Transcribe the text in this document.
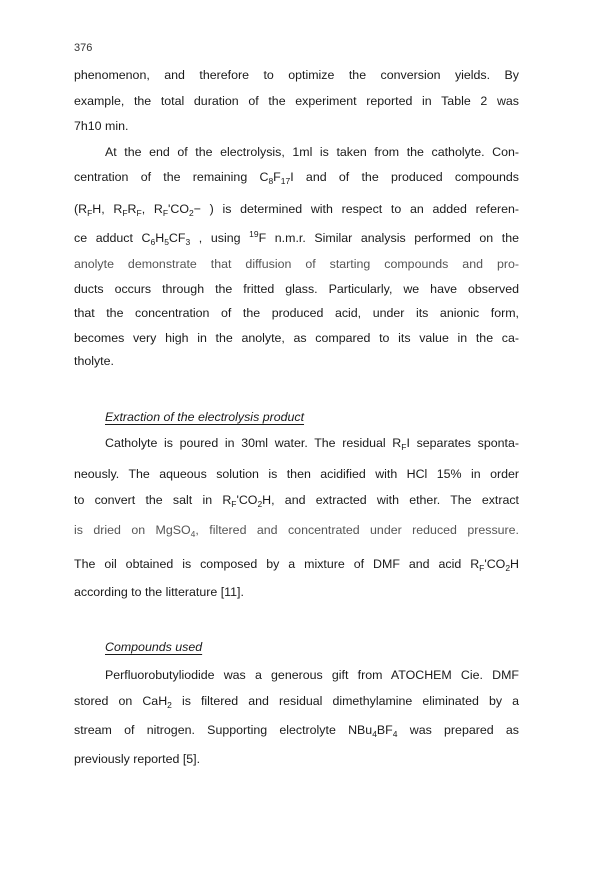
376
phenomenon, and therefore to optimize the conversion yields. By
example, the total duration of the experiment reported in Table 2 was
7h10 min.
At the end of the electrolysis, 1ml is taken from the catholyte. Con-
centration of the remaining $C_8F_{17}I$ and of the produced compounds
($R_FH$, $R_FR_F$, $R_F'CO_2-$ ) is determined with respect to an added referen-
ce adduct $C_6H_5CF_3$ , using $^{19}$F n.m.r. Similar analysis performed on the
anolyte demonstrate that diffusion of starting compounds and pro-
ducts occurs through the fritted glass. Particularly, we have observed
that the concentration of the produced acid, under its anionic form,
becomes very high in the anolyte, as compared to its value in the ca-
tholyte.
Extraction of the electrolysis product
Catholyte is poured in 30ml water. The residual $R_FI$ separates sponta-
neously. The aqueous solution is then acidified with HCl 15% in order
to convert the salt in $R_F'CO_2H$, and extracted with ether. The extract
is dried on MgSO$_4$, filtered and concentrated under reduced pressure.
The oil obtained is composed by a mixture of DMF and acid $R_F'CO_2H$
according to the litterature [11].
Compounds used
Perfluorobutyliodide was a generous gift from ATOCHEM Cie. DMF
stored on CaH$_2$ is filtered and residual dimethylamine eliminated by a
stream of nitrogen. Supporting electrolyte $NBu_4BF_4$ was prepared as
previously reported [5].
